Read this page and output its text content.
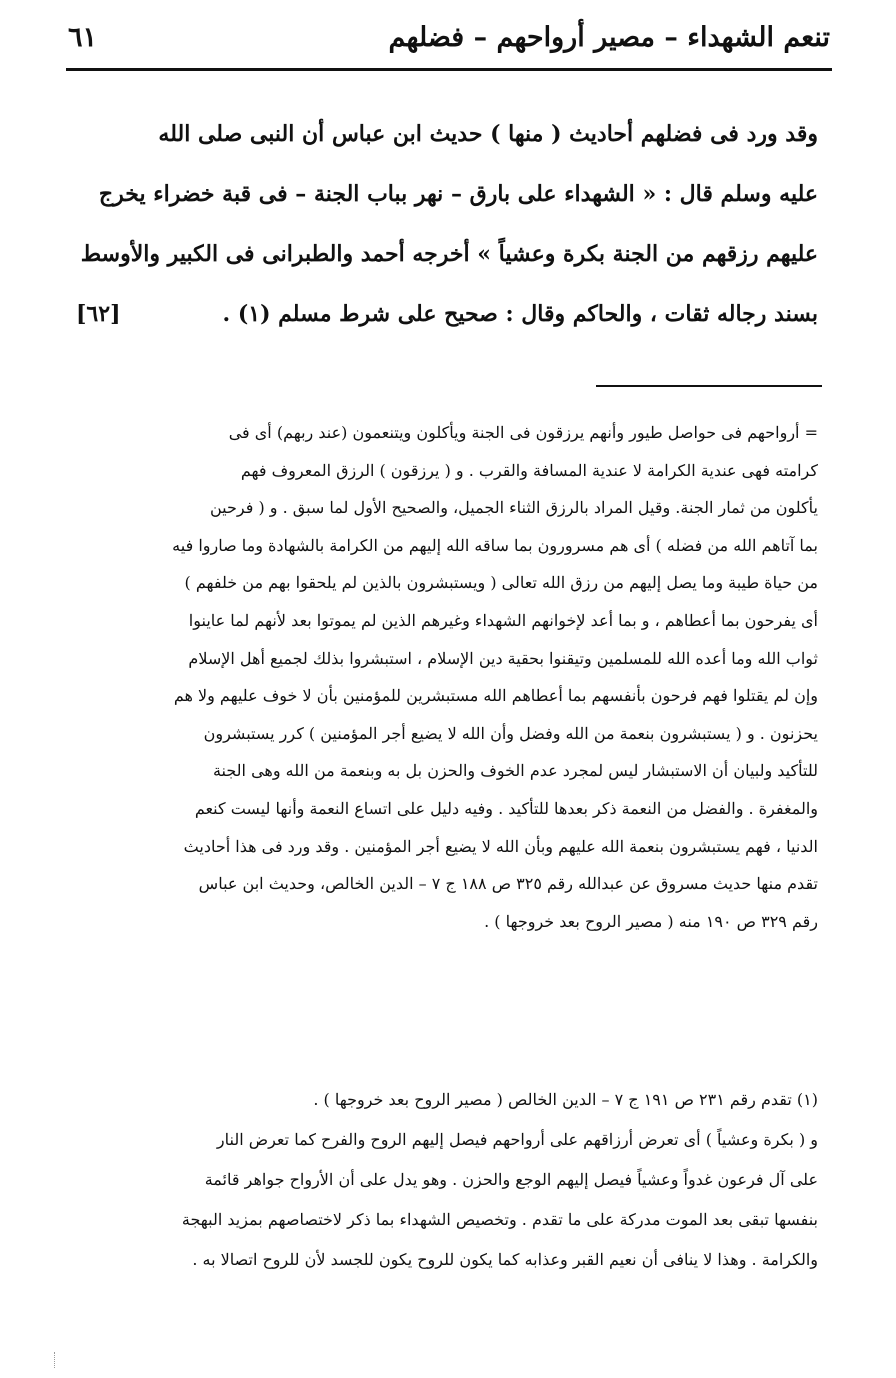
تنعم الشهداء – مصير أرواحهم – فضلهم
٦١
وقد ورد فى فضلهم أحاديث ( منها ) حديث ابن عباس أن النبى صلى الله
عليه وسلم قال : « الشهداء على بارق – نهر بباب الجنة – فى قبة خضراء يخرج
عليهم رزقهم من الجنة بكرة وعشياً » أخرجه أحمد والطبرانى فى الكبير والأوسط
بسند رجاله ثقات ، والحاكم وقال : صحيح على شرط مسلم (١) .
[٦٢]
= أرواحهم فى حواصل طيور وأنهم يرزقون فى الجنة ويأكلون ويتنعمون (عند ربهم) أى فى
كرامته فهى عندية الكرامة لا عندية المسافة والقرب . و ( يرزقون ) الرزق المعروف فهم
يأكلون من ثمار الجنة. وقيل المراد بالرزق الثناء الجميل، والصحيح الأول لما سبق . و ( فرحين
بما آتاهم الله من فضله ) أى هم مسرورون بما ساقه الله إليهم من الكرامة بالشهادة وما صاروا فيه
من حياة طيبة وما يصل إليهم من رزق الله تعالى ( ويستبشرون بالذين لم يلحقوا بهم من خلفهم )
أى يفرحون بما أعطاهم ، و بما أعد لإخوانهم الشهداء وغيرهم الذين لم يموتوا بعد لأنهم لما عاينوا
ثواب الله وما أعده الله للمسلمين وتيقنوا بحقية دين الإسلام ، استبشروا بذلك لجميع أهل الإسلام
وإن لم يقتلوا فهم فرحون بأنفسهم بما أعطاهم الله مستبشرين للمؤمنين بأن لا خوف عليهم ولا هم
يحزنون . و ( يستبشرون بنعمة من الله وفضل وأن الله لا يضيع أجر المؤمنين ) كرر يستبشرون
للتأكيد ولبيان أن الاستبشار ليس لمجرد عدم الخوف والحزن بل به وبنعمة من الله وهى الجنة
والمغفرة . والفضل من النعمة ذكر بعدها للتأكيد . وفيه دليل على اتساع النعمة وأنها ليست كنعم
الدنيا ، فهم يستبشرون بنعمة الله عليهم وبأن الله لا يضيع أجر المؤمنين . وقد ورد فى هذا أحاديث
تقدم منها حديث مسروق عن عبدالله رقم ٣٢٥ ص ١٨٨ ج ٧ – الدين الخالص، وحديث ابن عباس
رقم ٣٢٩ ص ١٩٠ منه ( مصير الروح بعد خروجها ) .
(١) تقدم رقم ٢٣١ ص ١٩١ ج ٧ – الدين الخالص ( مصير الروح بعد خروجها ) .
و ( بكرة وعشياً ) أى تعرض أرزاقهم على أرواحهم فيصل إليهم الروح والفرح كما تعرض النار
على آل فرعون غدواً وعشياً فيصل إليهم الوجع والحزن . وهو يدل على أن الأرواح جواهر قائمة
بنفسها تبقى بعد الموت مدركة على ما تقدم . وتخصيص الشهداء بما ذكر لاختصاصهم بمزيد البهجة
والكرامة . وهذا لا ينافى أن نعيم القبر وعذابه كما يكون للروح يكون للجسد لأن للروح اتصالا به .
